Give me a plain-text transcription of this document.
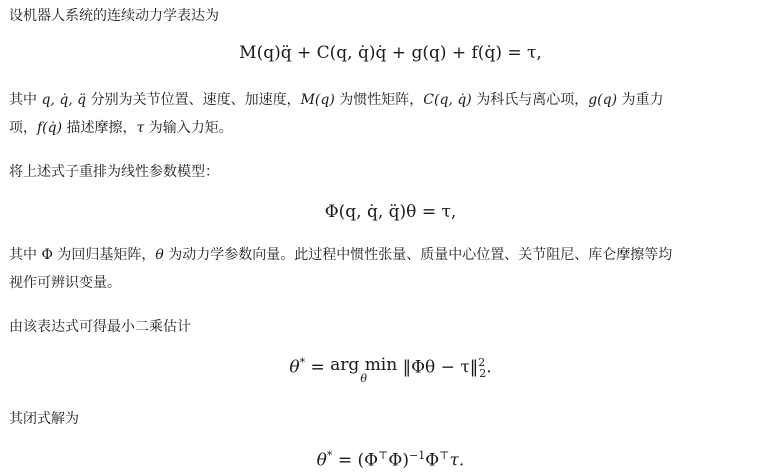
设机器人系统的连续动力学表达为
M(q)q̈ + C(q, q̇)q̇ + g(q) + f(q̇) = τ,
其中 q, q̇, q̈ 分别为关节位置、速度、加速度，M(q) 为惯性矩阵，C(q, q̇) 为科氏与离心项，g(q) 为重力
项，f(q̇) 描述摩擦，τ 为输入力矩。
将上述式子重排为线性参数模型：
Φ(q, q̇, q̈)θ = τ,
其中 Φ 为回归基矩阵，θ 为动力学参数向量。此过程中惯性张量、质量中心位置、关节阻尼、库仑摩擦等均
视作可辨识变量。
由该表达式可得最小二乘估计
θ* = arg min
θ
‖Φθ − τ‖$^2_2$.
其闭式解为
$\theta^* = (\Phi^⊤\Phi)^{-1}\Phi^⊤\tau$.
